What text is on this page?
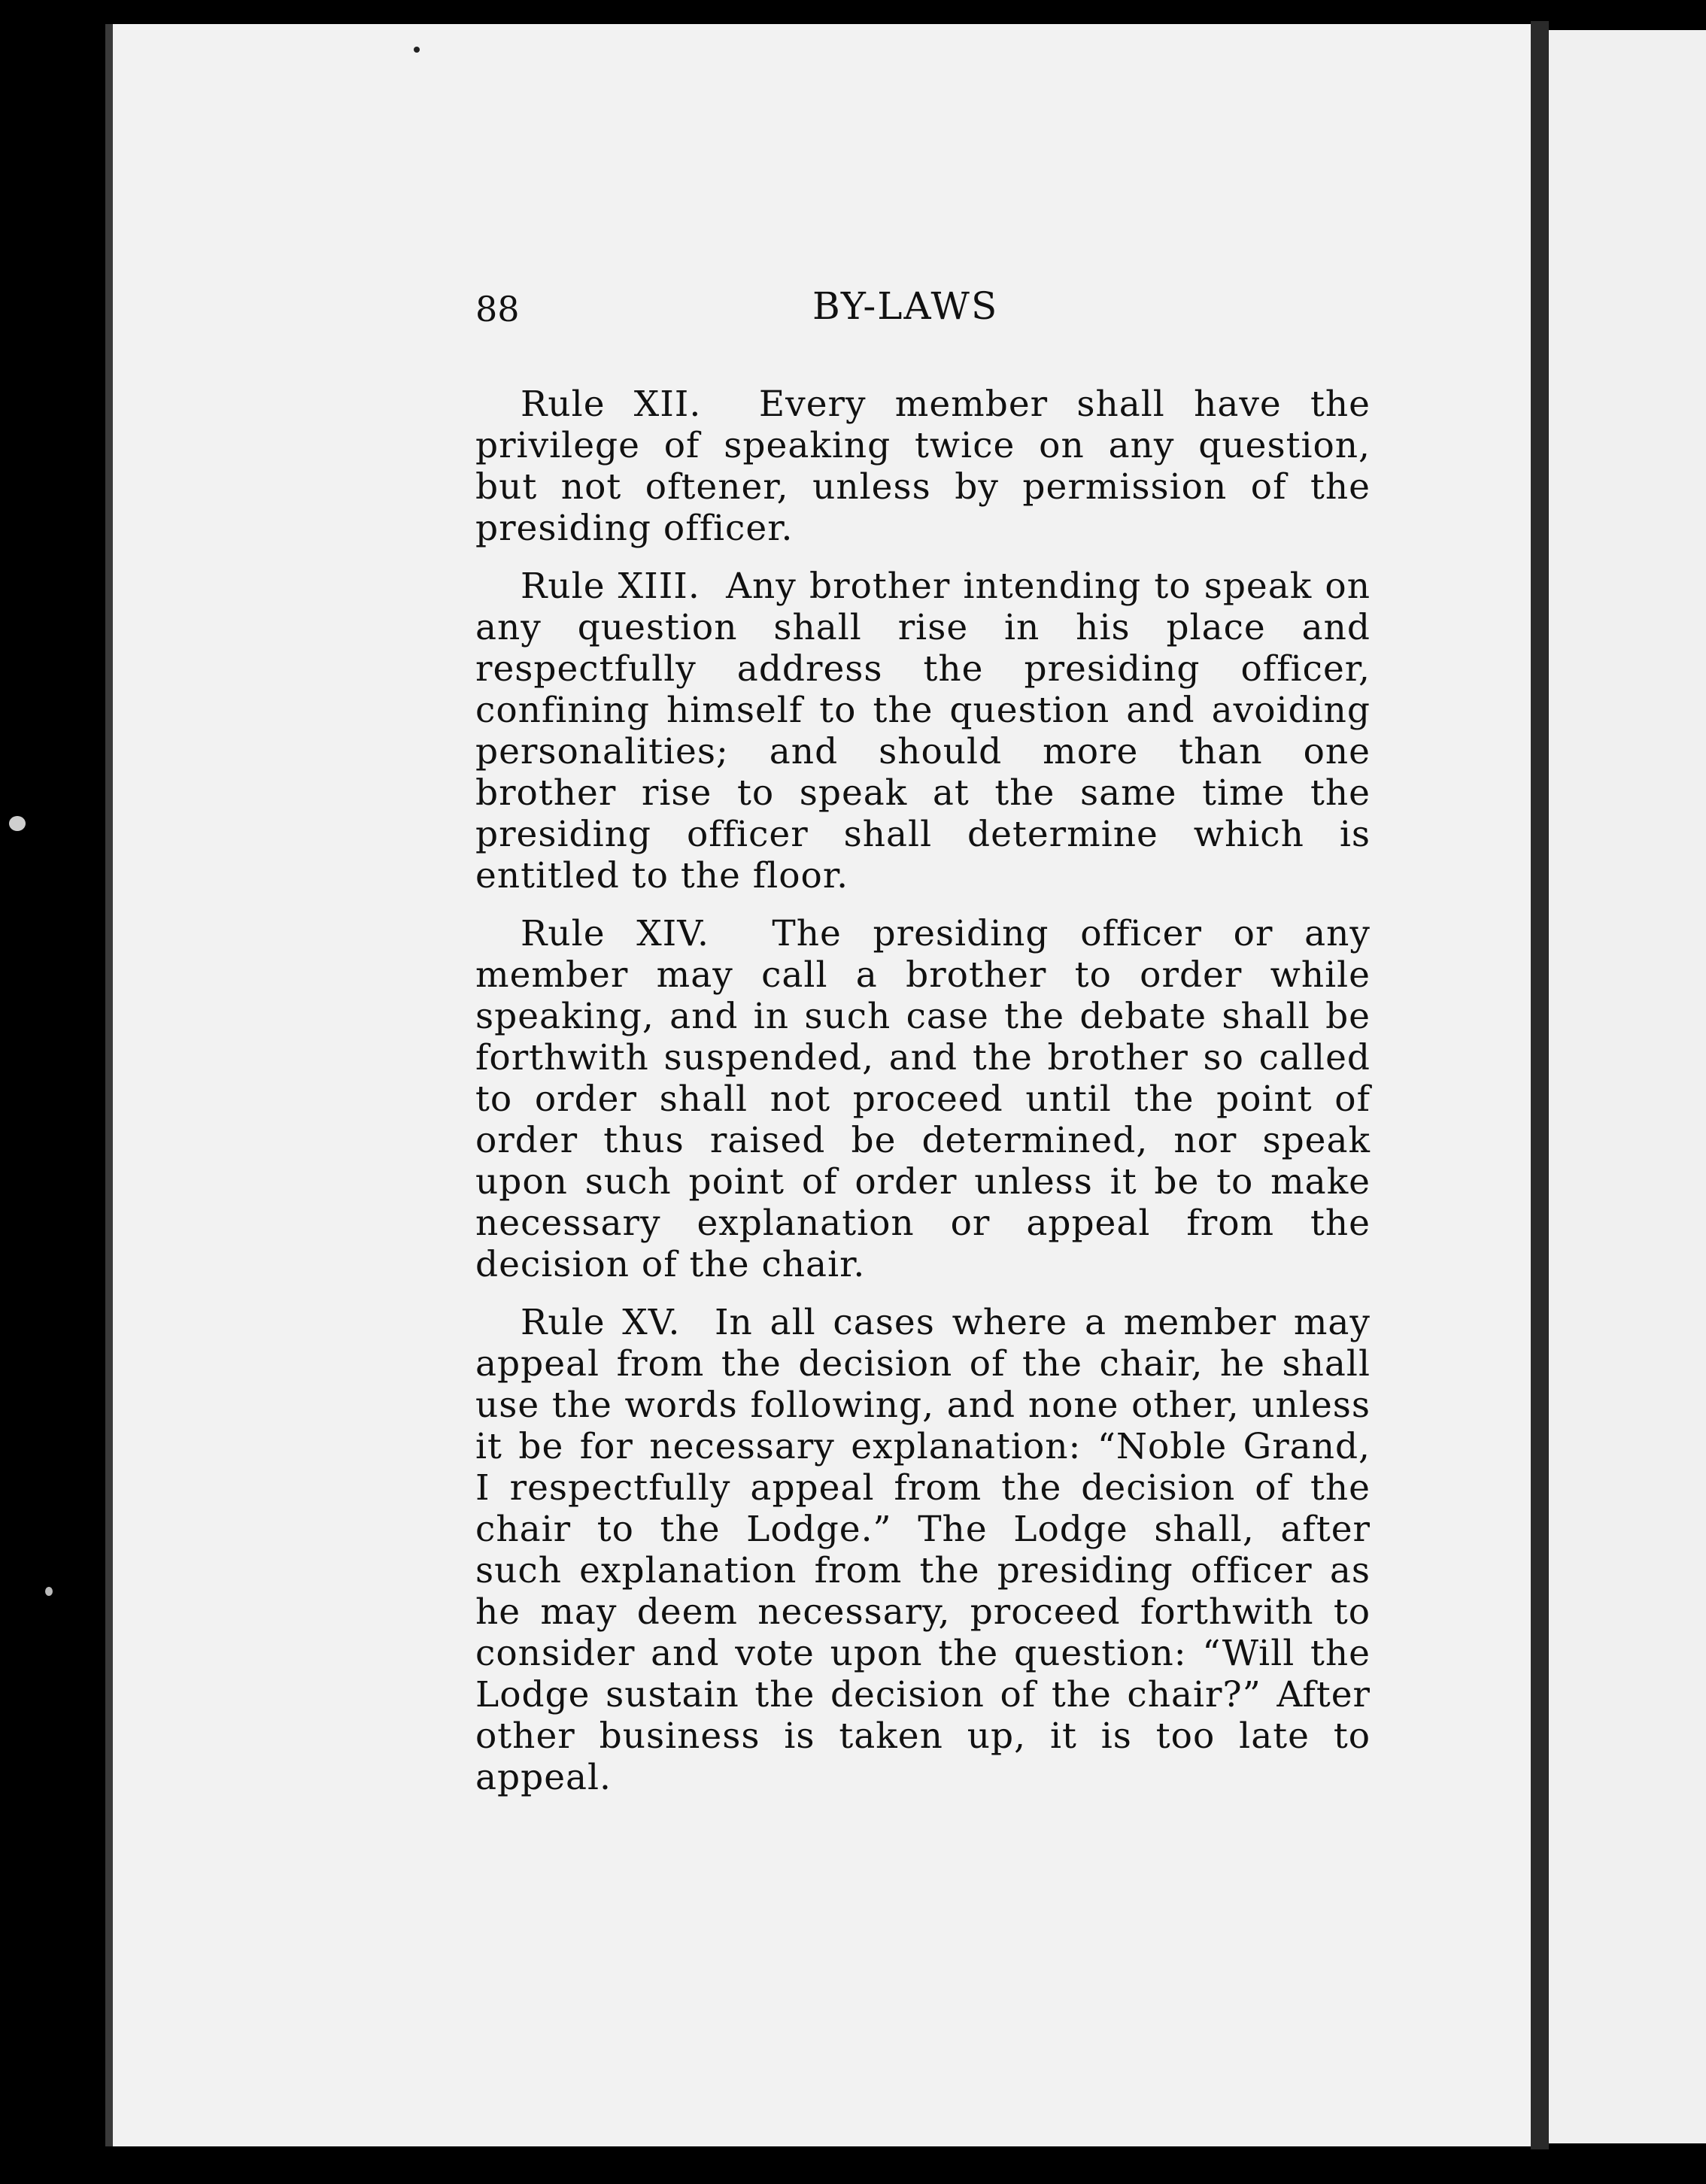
88	BY-LAWS

Rule XII. Every member shall have the privilege of speaking twice on any question, but not oftener, unless by permission of the presiding officer.

Rule XIII. Any brother intending to speak on any question shall rise in his place and respectfully address the presiding officer, confining himself to the question and avoiding personalities; and should more than one brother rise to speak at the same time the presiding officer shall determine which is entitled to the floor.

Rule XIV. The presiding officer or any member may call a brother to order while speaking, and in such case the debate shall be forthwith suspended, and the brother so called to order shall not proceed until the point of order thus raised be determined, nor speak upon such point of order unless it be to make necessary explanation or appeal from the decision of the chair.

Rule XV. In all cases where a member may appeal from the decision of the chair, he shall use the words following, and none other, unless it be for necessary explanation: “Noble Grand, I respectfully appeal from the decision of the chair to the Lodge.” The Lodge shall, after such explanation from the presiding officer as he may deem necessary, proceed forthwith to consider and vote upon the question: “Will the Lodge sustain the decision of the chair?” After other business is taken up, it is too late to appeal.
